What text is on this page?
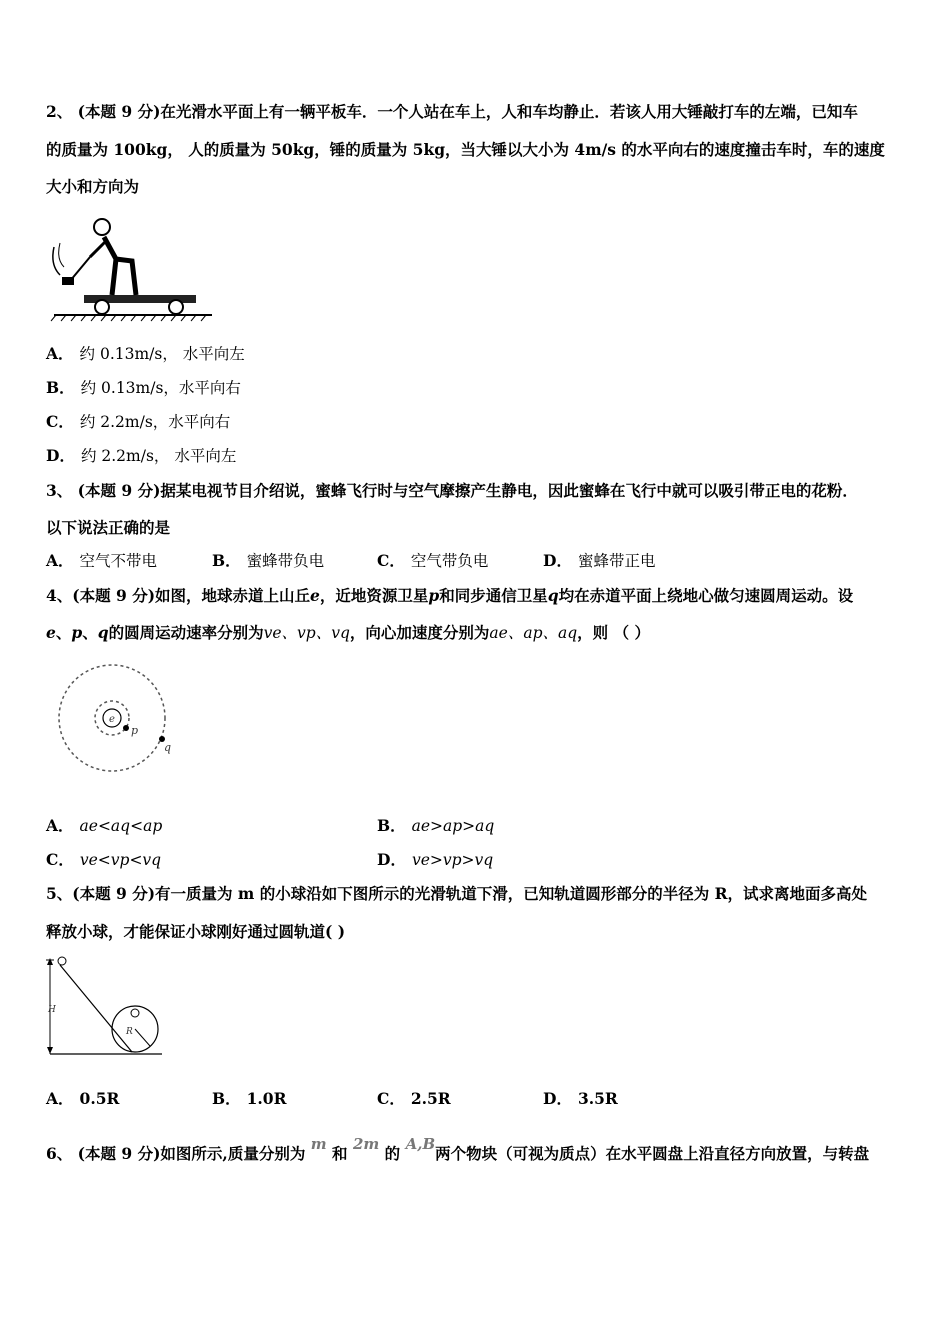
2、 (本题 9 分)在光滑水平面上有一辆平板车．一个人站在车上，人和车均静止．若该人用大锤敲打车的左端，已知车
的质量为 100kg， 人的质量为 50kg，锤的质量为 5kg，当大锤以大小为 4m/s 的水平向右的速度撞击车时，车的速度
大小和方向为
A． 约 0.13m/s， 水平向左
B． 约 0.13m/s，水平向右
C． 约 2.2m/s，水平向右
D． 约 2.2m/s， 水平向左
3、 (本题 9 分)据某电视节目介绍说，蜜蜂飞行时与空气摩擦产生静电，因此蜜蜂在飞行中就可以吸引带正电的花粉．
以下说法正确的是
A． 空气不带电	B． 蜜蜂带负电	C． 空气带负电	D． 蜜蜂带正电
4、(本题 9 分)如图，地球赤道上山丘e，近地资源卫星p和同步通信卫星q均在赤道平面上绕地心做匀速圆周运动。设
e、p、q的圆周运动速率分别为ve、vp、vq，向心加速度分别为ae、ap、aq，则 （ ）
e
p
q
A． ae<aq<ap	B． ae>ap>aq
C． ve<vp<vq	D． ve>vp>vq
5、(本题 9 分)有一质量为 m 的小球沿如下图所示的光滑轨道下滑，已知轨道圆形部分的半径为 R，试求离地面多高处
释放小球，才能保证小球刚好通过圆轨道( )
H
R
A． 0.5R	B． 1.0R	C． 2.5R	D． 3.5R
6、 (本题 9 分)如图所示,质量分别为 m 和 2m 的 A,B两个物块（可视为质点）在水平圆盘上沿直径方向放置，与转盘
